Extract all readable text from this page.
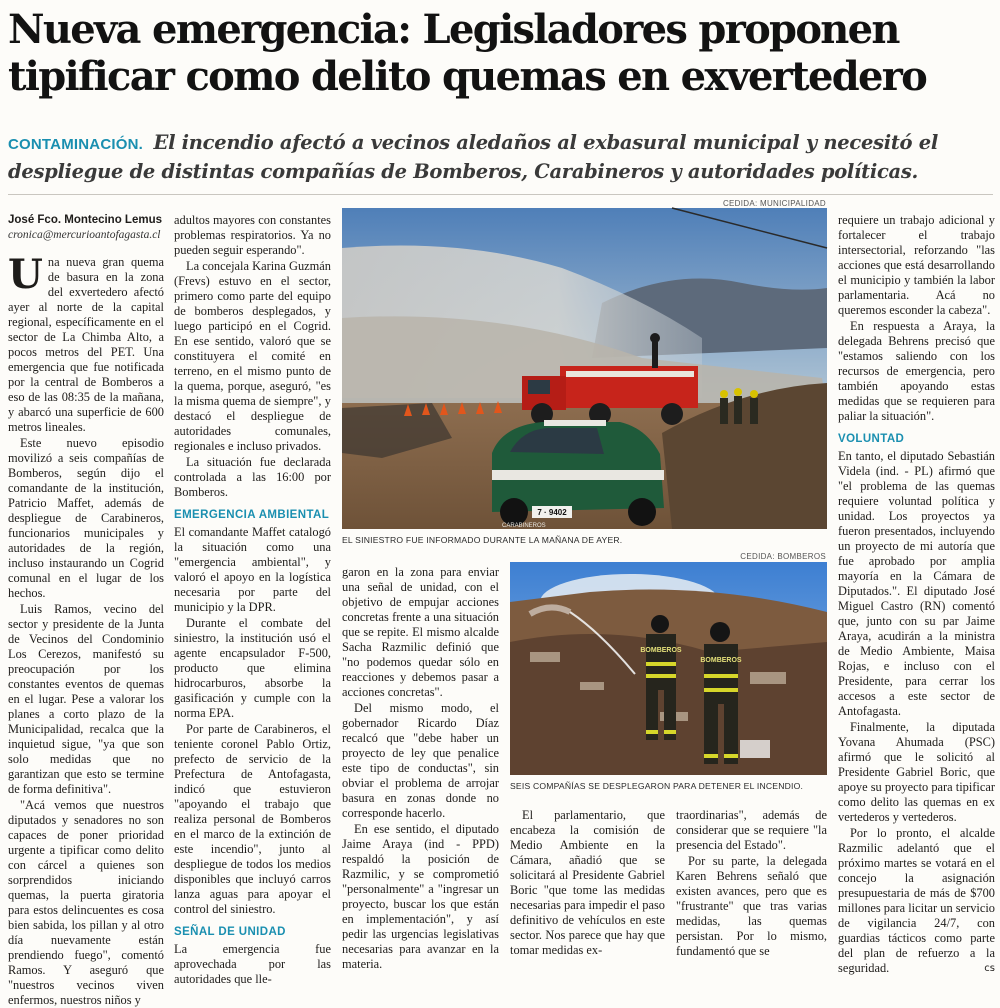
Nueva emergencia: Legisladores proponen tipificar como delito quemas en exvertedero
CONTAMINACIÓN. El incendio afectó a vecinos aledaños al exbasural municipal y necesitó el despliegue de distintas compañías de Bomberos, Carabineros y autoridades políticas.
José Fco. Montecino Lemus
cronica@mercurioantofagasta.cl

Una nueva gran quema de basura en la zona del exvertedero afectó ayer al norte de la capital regional, específicamente en el sector de La Chimba Alto, a pocos metros del PET. Una emergencia que fue notificada por la central de Bomberos a eso de las 08:35 de la mañana, y abarcó una superficie de 600 metros lineales.

Este nuevo episodio movilizó a seis compañías de Bomberos, según dijo el comandante de la institución, Patricio Maffet, además de despliegue de Carabineros, funcionarios municipales y autoridades de la región, incluso instaurando un Cogrid comunal en el lugar de los hechos.

Luis Ramos, vecino del sector y presidente de la Junta de Vecinos del Condominio Los Cerezos, manifestó su preocupación por los constantes eventos de quemas en el lugar. Pese a valorar los planes a corto plazo de la Municipalidad, recalca que la inquietud sigue, "ya que son solo medidas que no garantizan que esto se termine de forma definitiva".

"Acá vemos que nuestros diputados y senadores no son capaces de poner prioridad urgente a tipificar como delito con cárcel a quienes son sorprendidos iniciando quemas, la puerta giratoria para estos delincuentes es cosa bien sabida, los pillan y al otro día nuevamente están prendiendo fuego", comentó Ramos. Y aseguró que "nuestros vecinos viven enfermos, nuestros niños y

adultos mayores con constantes problemas respiratorios. Ya no pueden seguir esperando".

La concejala Karina Guzmán (Frevs) estuvo en el sector, primero como parte del equipo de bomberos desplegados, y luego participó en el Cogrid. En ese sentido, valoró que se constituyera el comité en terreno, en el mismo punto de la quema, porque, aseguró, "es la misma quema de siempre", y destacó el despliegue de autoridades comunales, regionales e incluso privados.

La situación fue declarada controlada a las 16:00 por Bomberos.

EMERGENCIA AMBIENTAL

El comandante Maffet catalogó la situación como una "emergencia ambiental", y valoró el apoyo en la logística necesaria por parte del municipio y la DPR.

Durante el combate del siniestro, la institución usó el agente encapsulador F-500, producto que elimina hidrocarburos, absorbe la gasificación y cumple con la norma EPA.

Por parte de Carabineros, el teniente coronel Pablo Ortiz, prefecto de servicio de la Prefectura de Antofagasta, indicó que estuvieron "apoyando el trabajo que realiza personal de Bomberos en el marco de la extinción de este incendio", junto al despliegue de todos los medios disponibles que incluyó carros lanza aguas para apoyar el control del siniestro.

SEÑAL DE UNIDAD

La emergencia fue aprovechada por las autoridades que lle-

CEDIDA: MUNICIPALIDAD
7 · 9402
CARABINEROS
EL SINIESTRO FUE INFORMADO DURANTE LA MAÑANA DE AYER.
CEDIDA: BOMBEROS
BOMBEROS
BOMBEROS
SEIS COMPAÑÍAS SE DESPLEGARON PARA DETENER EL INCENDIO.

garon en la zona para enviar una señal de unidad, con el objetivo de empujar acciones concretas frente a una situación que se repite. El mismo alcalde Sacha Razmilic definió que "no podemos quedar sólo en reacciones y debemos pasar a acciones concretas".

Del mismo modo, el gobernador Ricardo Díaz recalcó que "debe haber un proyecto de ley que penalice este tipo de conductas", sin obviar el problema de arrojar basura en zonas donde no corresponde hacerlo.

En ese sentido, el diputado Jaime Araya (ind - PPD) respaldó la posición de Razmilic, y se comprometió "personalmente" a "ingresar un proyecto, buscar los que están en implementación", y así pedir las urgencias legislativas necesarias para avanzar en la materia.

El parlamentario, que encabeza la comisión de Medio Ambiente en la Cámara, añadió que se solicitará al Presidente Gabriel Boric "que tome las medidas necesarias para impedir el paso definitivo de vehículos en este sector. Nos parece que hay que tomar medidas ex-

traordinarias", además de considerar que se requiere "la presencia del Estado".

Por su parte, la delegada Karen Behrens señaló que existen avances, pero que es "frustrante" que tras varias medidas, las quemas persistan. Por lo mismo, fundamentó que se

requiere un trabajo adicional y fortalecer el trabajo intersectorial, reforzando "las acciones que está desarrollando el municipio y también la labor parlamentaria. Acá no queremos esconder la cabeza".

En respuesta a Araya, la delegada Behrens precisó que "estamos saliendo con los recursos de emergencia, pero también apoyando estas medidas que se requieren para paliar la situación".

VOLUNTAD

En tanto, el diputado Sebastián Videla (ind. - PL) afirmó que "el problema de las quemas requiere voluntad política y unidad. Los proyectos ya fueron presentados, incluyendo un proyecto de mi autoría que fue aprobado por amplia mayoría en la Cámara de Diputados.". El diputado José Miguel Castro (RN) comentó que, junto con su par Jaime Araya, acudirán a la ministra de Medio Ambiente, Maisa Rojas, e incluso con el Presidente, para cerrar los accesos a este sector de Antofagasta.

Finalmente, la diputada Yovana Ahumada (PSC) afirmó que le solicitó al Presidente Gabriel Boric, que apoye su proyecto para tipificar como delito las quemas en ex vertederos y vertederos.

Por lo pronto, el alcalde Razmilic adelantó que el próximo martes se votará en el concejo la asignación presupuestaria de más de $700 millones para licitar un servicio de vigilancia 24/7, con guardias tácticos como parte del plan de refuerzo a la seguridad.	cs
